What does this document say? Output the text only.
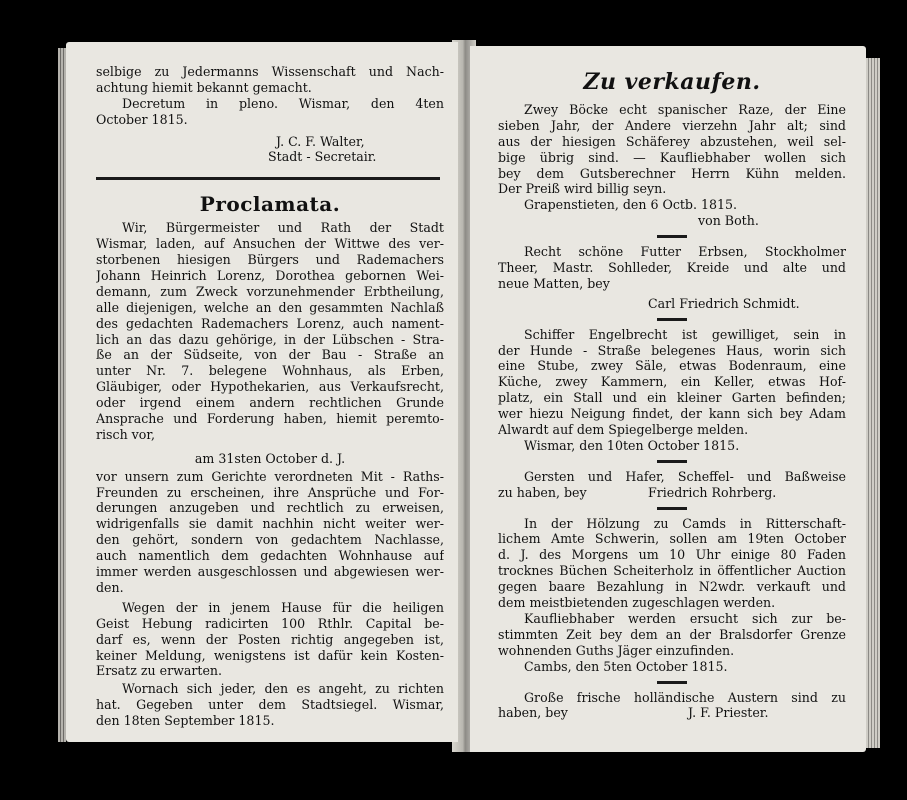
selbige zu Jedermanns Wissenschaft und Nach-
achtung hiemit bekannt gemacht.
Decretum in pleno. Wismar, den 4ten
October 1815.
J. C. F. Walter,
Stadt - Secretair.
Proclamata.
Wir, Bürgermeister und Rath der Stadt
Wismar, laden, auf Ansuchen der Wittwe des ver-
storbenen hiesigen Bürgers und Rademachers
Johann Heinrich Lorenz, Dorothea gebornen Wei-
demann, zum Zweck vorzunehmender Erbtheilung,
alle diejenigen, welche an den gesammten Nachlaß
des gedachten Rademachers Lorenz, auch nament-
lich an das dazu gehörige, in der Lübschen - Stra-
ße an der Südseite, von der Bau - Straße an
unter Nr. 7. belegene Wohnhaus, als Erben,
Gläubiger, oder Hypothekarien, aus Verkaufsrecht,
oder irgend einem andern rechtlichen Grunde
Ansprache und Forderung haben, hiemit peremto-
risch vor,
am 31sten October d. J.
vor unsern zum Gerichte verordneten Mit - Raths-
Freunden zu erscheinen, ihre Ansprüche und For-
derungen anzugeben und rechtlich zu erweisen,
widrigenfalls sie damit nachhin nicht weiter wer-
den gehört, sondern von gedachtem Nachlasse,
auch namentlich dem gedachten Wohnhause auf
immer werden ausgeschlossen und abgewiesen wer-
den.
Wegen der in jenem Hause für die heiligen
Geist Hebung radicirten 100 Rthlr. Capital be-
darf es, wenn der Posten richtig angegeben ist,
keiner Meldung, wenigstens ist dafür kein Kosten-
Ersatz zu erwarten.
Wornach sich jeder, den es angeht, zu richten
hat. Gegeben unter dem Stadtsiegel. Wismar,
den 18ten September 1815.
Zu verkaufen.
Zwey Böcke echt spanischer Raze, der Eine
sieben Jahr, der Andere vierzehn Jahr alt; sind
aus der hiesigen Schäferey abzustehen, weil sel-
bige übrig sind. — Kaufliebhaber wollen sich
bey dem Gutsberechner Herrn Kühn melden.
Der Preiß wird billig seyn.
Grapenstieten, den 6 Octb. 1815.
von Both.
Recht schöne Futter Erbsen, Stockholmer
Theer, Mastr. Sohlleder, Kreide und alte und
neue Matten, bey
Carl Friedrich Schmidt.
Schiffer Engelbrecht ist gewilliget, sein in
der Hunde - Straße belegenes Haus, worin sich
eine Stube, zwey Säle, etwas Bodenraum, eine
Küche, zwey Kammern, ein Keller, etwas Hof-
platz, ein Stall und ein kleiner Garten befinden;
wer hiezu Neigung findet, der kann sich bey Adam
Alwardt auf dem Spiegelberge melden.
Wismar, den 10ten October 1815.
Gersten und Hafer, Scheffel- und Baßweise
zu haben, bey	Friedrich Rohrberg.
In der Hölzung zu Camds in Ritterschaft-
lichem Amte Schwerin, sollen am 19ten October
d. J. des Morgens um 10 Uhr einige 80 Faden
trocknes Büchen Scheiterholz in öffentlicher Auction
gegen baare Bezahlung in N2wdr. verkauft und
dem meistbietenden zugeschlagen werden.
Kaufliebhaber werden ersucht sich zur be-
stimmten Zeit bey dem an der Bralsdorfer Grenze
wohnenden Guths Jäger einzufinden.
Cambs, den 5ten October 1815.
Große frische holländische Austern sind zu
haben, bey	J. F. Priester.
